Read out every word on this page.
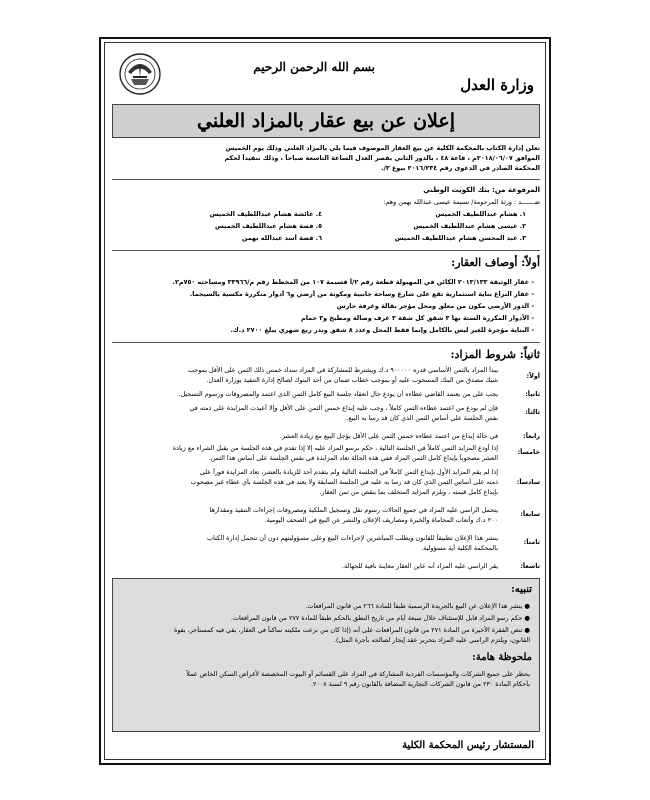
بسم الله الرحمن الرحيم
وزارة العدل
إعلان عن بيع عقار بالمزاد العلني
تعلن إدارة الكتاب بالمحكمة الكلية عن بيع العقار الموصوف فيما يلي بالمزاد العلني وذلك يوم الخميس
الموافق ٢٠١٨/٠٦/٠٧م ، قاعة ٤٨ ، بالدور الثاني بقصر العدل الساعة التاسعة صباحاً ، وذلك تنفيذاً لحكم
المحكمة الصادر في الدعوى رقم ٢٠١٦/٢٣٤ بيوع ٣/.
المرفوعة من: بنك الكويت الوطني
ضـــــــد : ورثة المرحومة/ نسيمة عيسى عبدالله بهمن وهم:
١. هشام عبداللطيف الخميس
٢. عيسى هشام عبداللطيف الخميس
٣. عبد المحسن هشام عبداللطيف الخميس
٤. عائشة هشام عبداللطيف الخميس
٥. فضة هشام عبداللطيف الخميس
٦. فضة أسد عبدالله بهمن
أولاً: أوصاف العقار:
- عقار الوثيقة ٢٠١٣/١٣٣ الكائن في المهبولة قطعة رقم ٢/أ قسيمة ١٠٧ من المخطط رقم م/٣٣٩٦٦ ومساحته ٧٥٠م٢.
- عقار النزاع بناية استثمارية تقع على شارع وساحة جانبية ومكونة من أرضي و٦ أدوار متكررة مكسية بالسيجما.
- الدور الأرضي مكون من معلق ومحل مؤجر بقالة وغرفة حارس
- الأدوار المكررة الستة بها ٣ شقق كل شقة ٣ غرف وصالة ومطبخ و٣ حمام
- البناية مؤجرة للغير ليس بالكامل وإنما فقط المحل وعدد ٨ شقق وتدر ريع شهري يبلغ ٢٧٠٠ د.ك.
ثانياً: شروط المزاد:
أولاً:
يبدأ المزاد بالثمن الأساسي قدره ٩٠٠٠٠٠ د.ك ويشترط للمشاركة في المزاد سداد خمس ذلك الثمن على الأقل بموجب
شيك مصدق من البنك المسحوب عليه أو بموجب خطاب ضمان من أحد البنوك لصالح إدارة التنفيذ بوزارة العدل.
ثانياً:
يجب على من يعتمد القاضي عطاءه أن يودع حال انعقاد جلسة البيع كامل الثمن الذي اعتمد والمصروفات ورسوم التسجيل.
ثالثاً:
فإن لم يودع من اعتمد عطاءه الثمن كاملاً ، وجب عليه إيداع خمس الثمن على الأقل وإلا أعيدت المزايدة على ذمته في
نفس الجلسة على أساس الثمن الذي كان قد رسا به البيع.
رابعاً:
في حالة إيداع من اعتمد عطاءه خمس الثمن على الأقل يؤجل البيع مع زيادة العشر.
خامساً:
إذا أودع المزايد الثمن كاملاً في الجلسة التالية ، حكم برسو المزاد عليه إلا إذا تقدم في هذه الجلسة من يقبل الشراء مع زيادة
العشر مصحوباً بإيداع كامل الثمن المزاد ففي هذه الحالة تعاد المزايدة في نفس الجلسة على أساس هذا الثمن.
سادساً:
إذا لم يقم المزايد الأول بإيداع الثمن كاملاً في الجلسة التالية ولم يتقدم أحد للزيادة بالعشر، تعاد المزايدة فوراً على
ذمته على أساس الثمن الذي كان قد رسا به عليه في الجلسة السابقة ولا يعتد في هذه الجلسة بأي عطاء غير مصحوب
بإيداع كامل قيمته ، ويلزم المزايد المتخلف بما ينقص من ثمن العقار.
سابعاً:
يتحمل الراسي عليه المزاد في جميع الحالات رسوم نقل وتسجيل الملكية ومصروفات إجراءات التنفيذ ومقدارها
٢٠٠ د.ك وأتعاب المحاماة والخبرة ومصاريف الإعلان والنشر عن البيع في الصحف اليومية.
ثامناً:
ينشر هذا الإعلان تطبيقاً للقانون ويطلب المباشرين لإجراءات البيع وعلى مسؤوليتهم دون أن تتحمل إدارة الكتاب
بالمحكمة الكلية أية مسؤولية.
تاسعاً:
يقر الراسي عليه المزاد أنه عاين العقار معاينة نافية للجهالة.
تنبيه:
● ينشر هذا الإعلان عن البيع بالجريدة الرسمية طبقاً للمادة ٢٦٦ من قانون المرافعات.
● حكم رسو المزاد قابل للإستئناف خلال سبعة أيام من تاريخ النطق بالحكم طبقاً للمادة ٢٧٧ من قانون المرافعات.
● تنص الفقرة الأخيرة من المادة ٢٧١ من قانون المرافعات على أنه (إذا كان من نزعت ملكيته ساكناً في العقار، بقي فيه كمستأجر، بقوة
القانون، ويلتزم الراسي عليه المزاد بتحرير عقد إيجار لصالحه بأجرة المثل).
ملحوظة هامة:
يحظر على جميع الشركات والمؤسسات الفردية المشاركة في المزاد على القسائم أو البيوت المخصصة لأغراض السكن الخاص عملاً
بأحكام المادة ٢٣٠ من قانون الشركات التجارية المضافة بالقانون رقم ٩ لسنة ٢٠٠٨.
المستشار رئيس المحكمة الكلية
